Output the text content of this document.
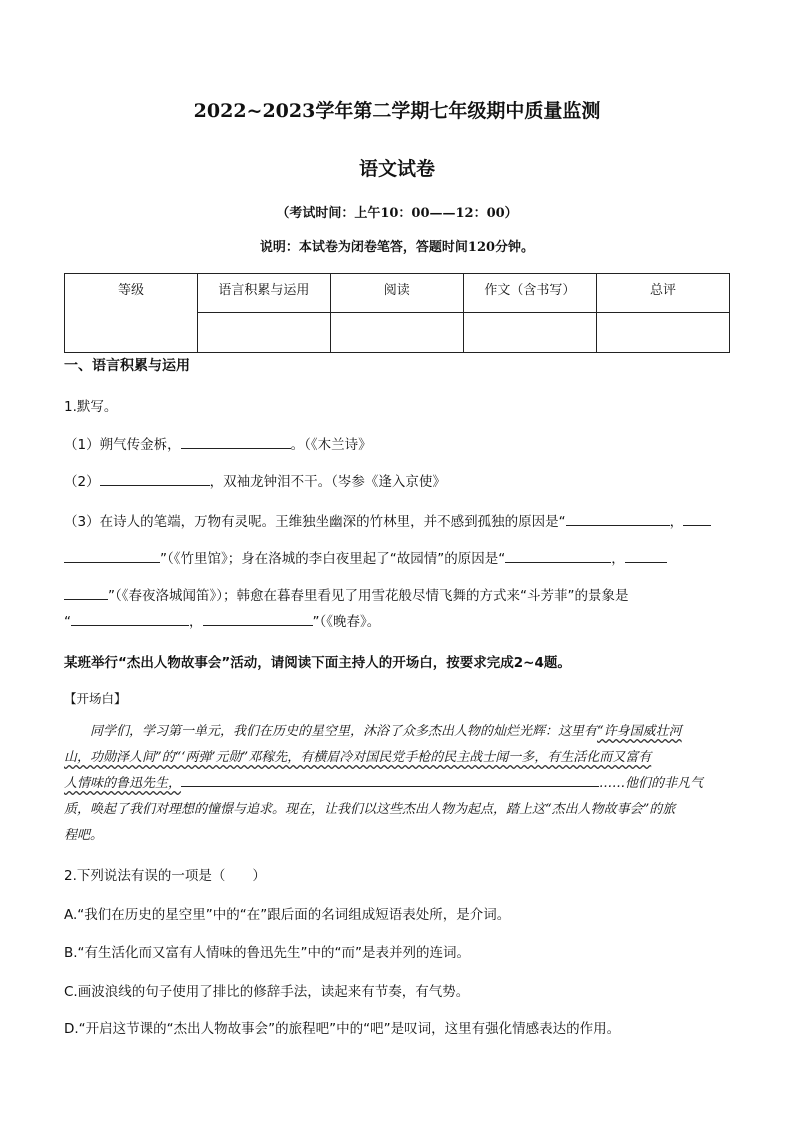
2022~2023学年第二学期七年级期中质量监测
语文试卷
（考试时间：上午10：00——12：00）
说明：本试卷为闭卷笔答，答题时间120分钟。
等级	语言积累与运用	阅读	作文（含书写）	总评

一、语言积累与运用
1.默写。
（1）朔气传金柝，	。（《木兰诗》
（2）	，双袖龙钟泪不干。（岑参《逢入京使》
（3）在诗人的笔端，万物有灵呢。王维独坐幽深的竹林里，并不感到孤独的原因是“	，
”（《竹里馆》；身在洛城的李白夜里起了“故园情”的原因是“	，
”（《春夜洛城闻笛》）；韩愈在暮春里看见了用雪花般尽情飞舞的方式来“斗芳菲”的景象是
“	，	”（《晚春》。
某班举行“杰出人物故事会”活动，请阅读下面主持人的开场白，按要求完成2~4题。
【开场白】
同学们，学习第一单元，我们在历史的星空里，沐浴了众多杰出人物的灿烂光辉：这里有“许身国威壮河
山，功勋泽人间”的“‘两弹’元勋”邓稼先，有横眉冷对国民党手枪的民主战士闻一多，有生活化而又富有
人情味的鲁迅先生，	……他们的非凡气
质，唤起了我们对理想的憧憬与追求。现在，让我们以这些杰出人物为起点，踏上这“杰出人物故事会”的旅
程吧。
2.下列说法有误的一项是（　　）
A.“我们在历史的星空里”中的“在”跟后面的名词组成短语表处所，是介词。
B.“有生活化而又富有人情味的鲁迅先生”中的“而”是表并列的连词。
C.画波浪线的句子使用了排比的修辞手法，读起来有节奏，有气势。
D.“开启这节课的“杰出人物故事会”的旅程吧”中的“吧”是叹词，这里有强化情感表达的作用。
